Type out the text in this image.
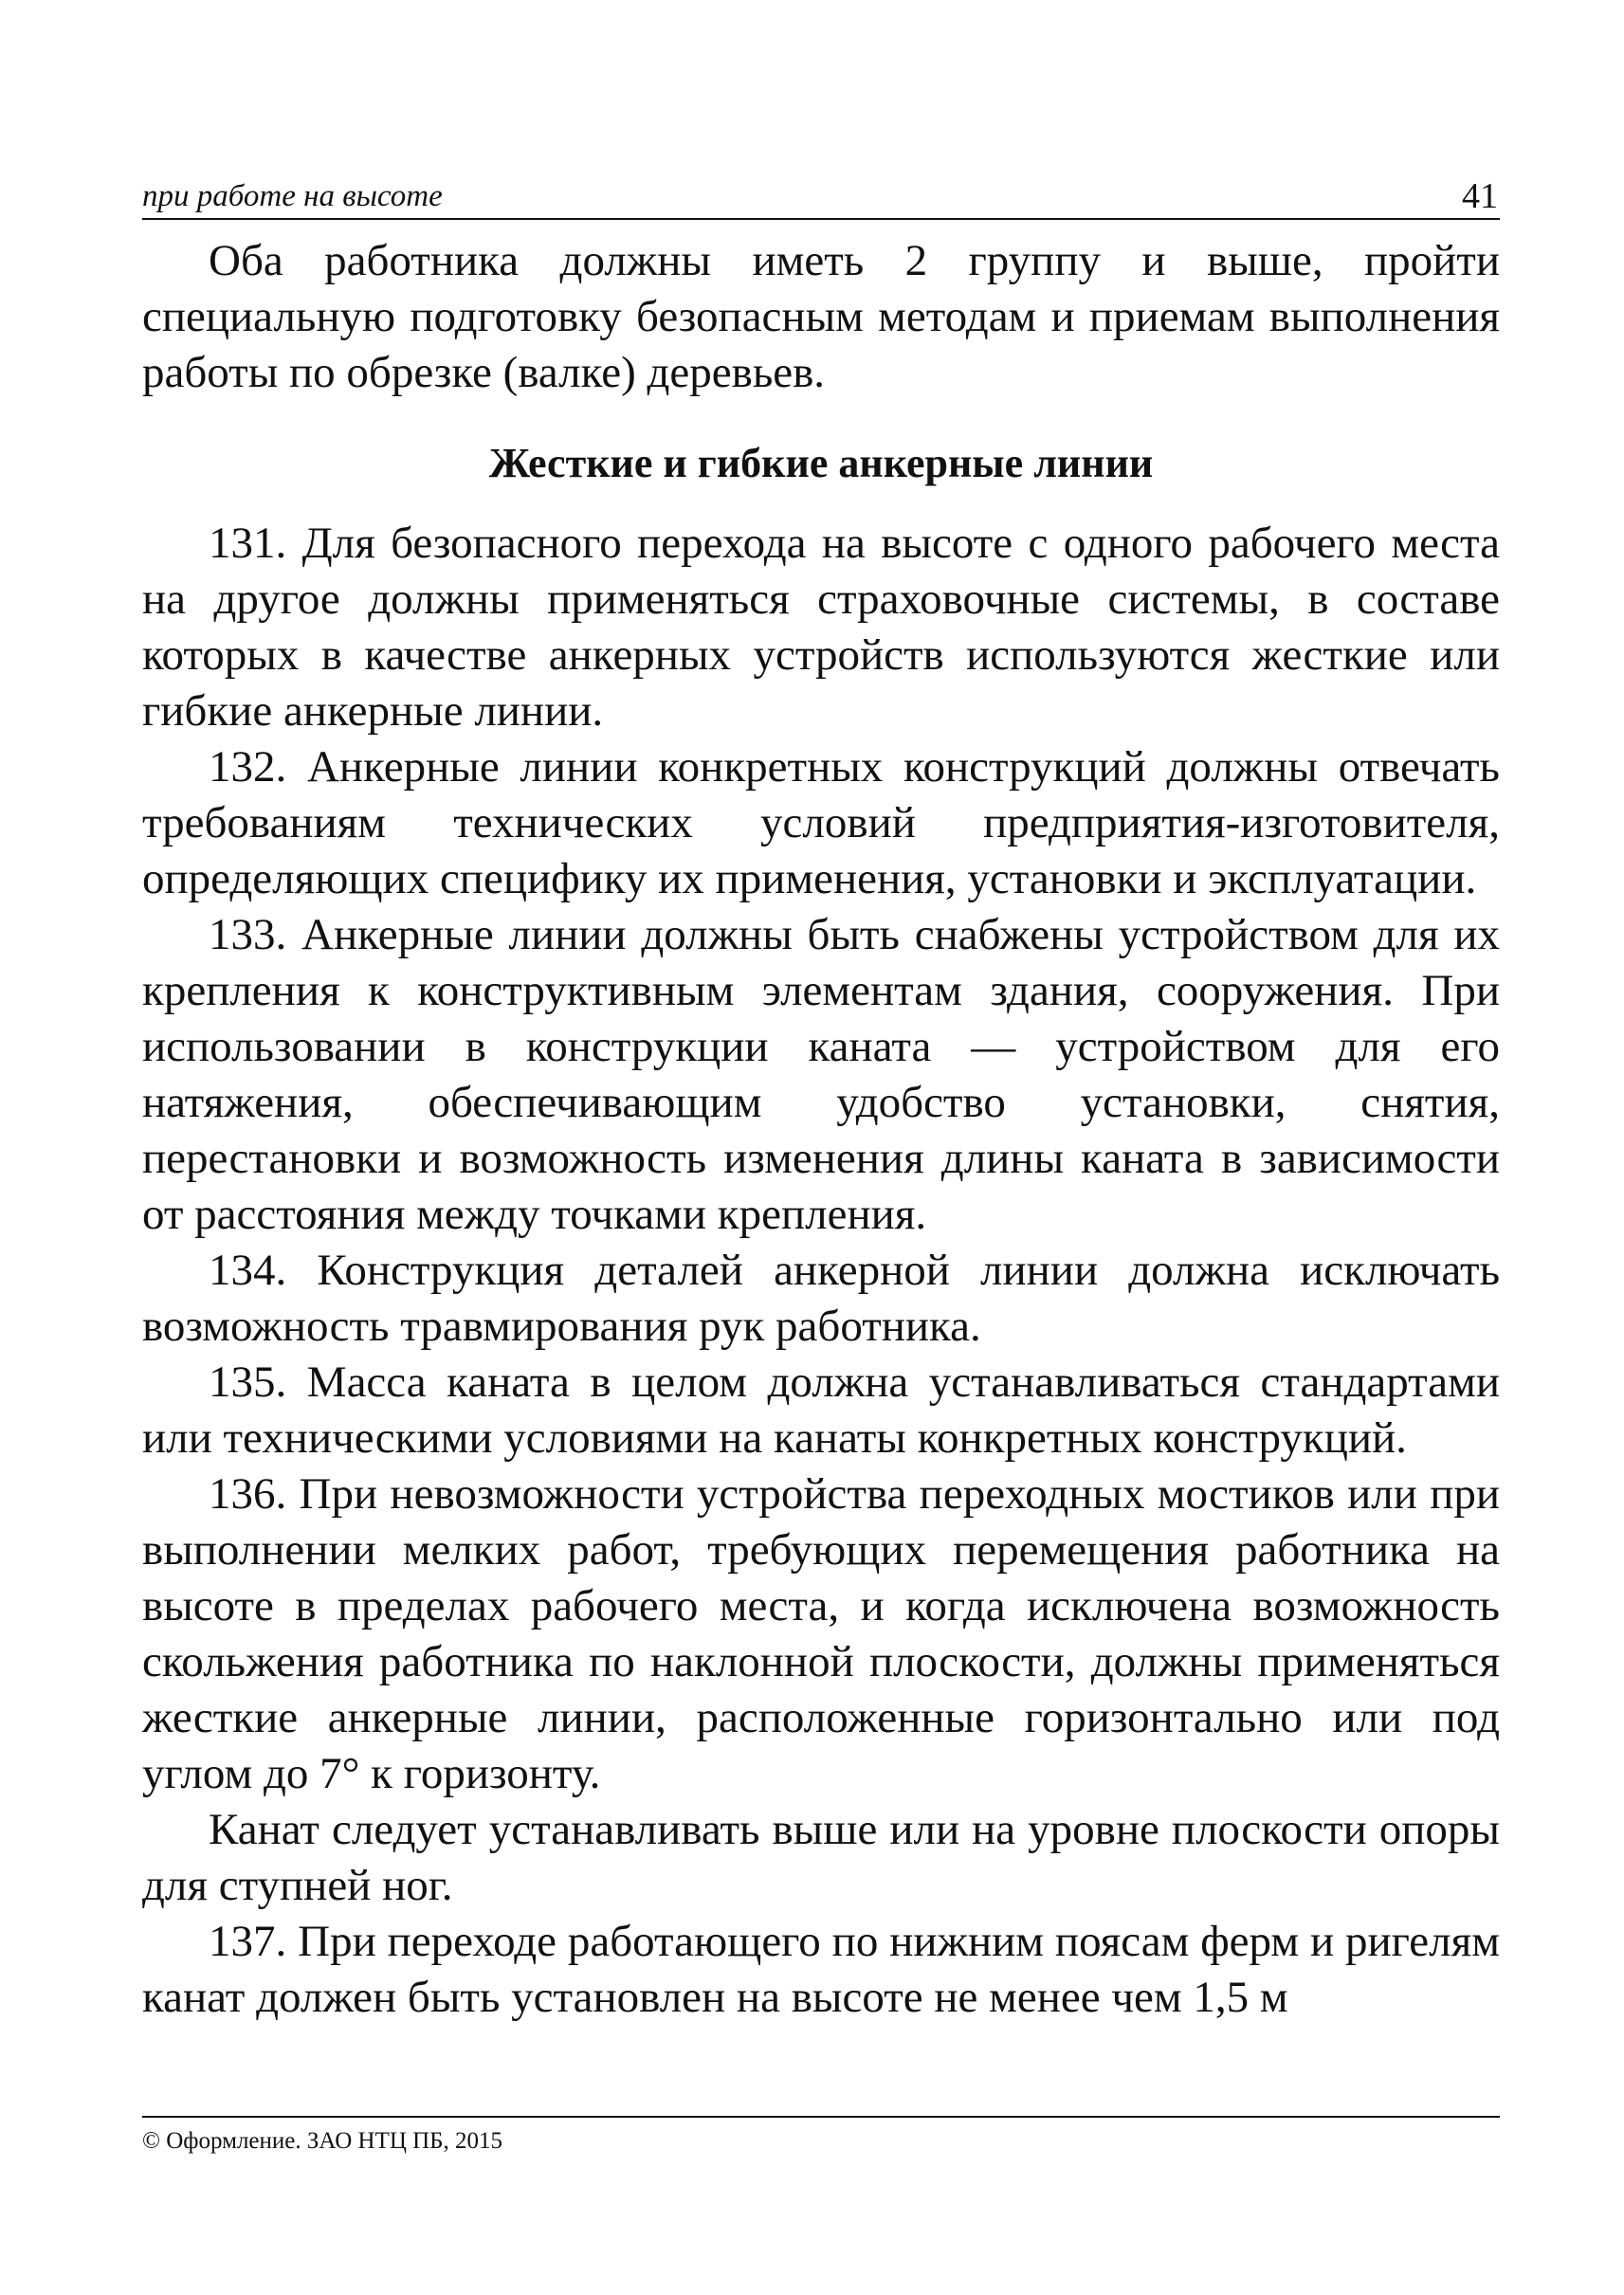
при работе на высоте	41

Оба работника должны иметь 2 группу и выше, пройти специальную подготовку безопасным методам и приемам выполнения работы по обрезке (валке) деревьев.

Жесткие и гибкие анкерные линии

131. Для безопасного перехода на высоте с одного рабочего места на другое должны применяться страховочные системы, в составе которых в качестве анкерных устройств используются жесткие или гибкие анкерные линии.

132. Анкерные линии конкретных конструкций должны отвечать требованиям технических условий предприятия-изготовителя, определяющих специфику их применения, установки и эксплуатации.

133. Анкерные линии должны быть снабжены устройством для их крепления к конструктивным элементам здания, сооружения. При использовании в конструкции каната — устройством для его натяжения, обеспечивающим удобство установки, снятия, перестановки и возможность изменения длины каната в зависимости от расстояния между точками крепления.

134. Конструкция деталей анкерной линии должна исключать возможность травмирования рук работника.

135. Масса каната в целом должна устанавливаться стандартами или техническими условиями на канаты конкретных конструкций.

136. При невозможности устройства переходных мостиков или при выполнении мелких работ, требующих перемещения работника на высоте в пределах рабочего места, и когда исключена возможность скольжения работника по наклонной плоскости, должны применяться жесткие анкерные линии, расположенные горизонтально или под углом до 7° к горизонту.

Канат следует устанавливать выше или на уровне плоскости опоры для ступней ног.

137. При переходе работающего по нижним поясам ферм и ригелям канат должен быть установлен на высоте не менее чем 1,5 м

© Оформление. ЗАО НТЦ ПБ, 2015
